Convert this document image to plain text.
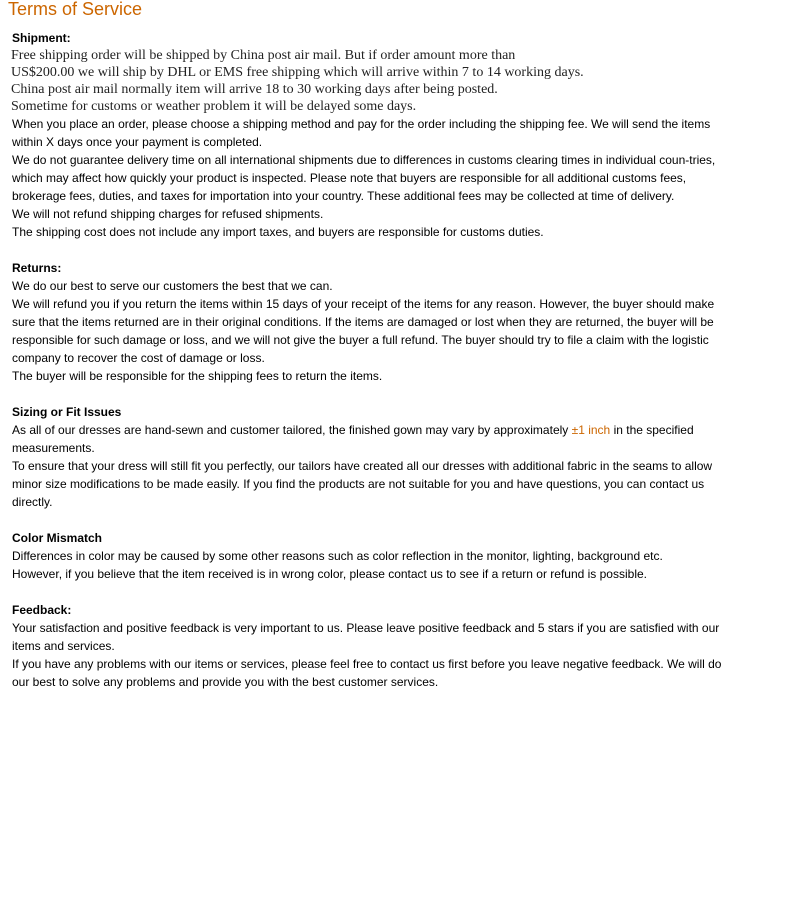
Terms of Service
Shipment:

Free shipping order will be shipped by China post air mail. But if order amount more than

US$200.00 we will ship by DHL or EMS free shipping which will arrive within 7 to 14 working days.

China post air mail normally item will arrive 18 to 30 working days after being posted.

Sometime for customs or weather problem it will be delayed some days.

When you place an order, please choose a shipping method and pay for the order including the shipping fee. We will send the items within X days once your payment is completed.

We do not guarantee delivery time on all international shipments due to differences in customs clearing times in individual coun-tries, which may affect how quickly your product is inspected. Please note that buyers are responsible for all additional customs fees, brokerage fees, duties, and taxes for importation into your country. These additional fees may be collected at time of delivery.

We will not refund shipping charges for refused shipments.

The shipping cost does not include any import taxes, and buyers are responsible for customs duties.

Returns:

We do our best to serve our customers the best that we can.

We will refund you if you return the items within 15 days of your receipt of the items for any reason. However, the buyer should make sure that the items returned are in their original conditions. If the items are damaged or lost when they are returned, the buyer will be responsible for such damage or loss, and we will not give the buyer a full refund. The buyer should try to file a claim with the logistic company to recover the cost of damage or loss.

The buyer will be responsible for the shipping fees to return the items.

Sizing or Fit Issues

As all of our dresses are hand-sewn and customer tailored, the finished gown may vary by approximately ±1 inch in the specified measurements.

To ensure that your dress will still fit you perfectly, our tailors have created all our dresses with additional fabric in the seams to allow minor size modifications to be made easily. If you find the products are not suitable for you and have questions, you can contact us directly.

Color Mismatch

Differences in color may be caused by some other reasons such as color reflection in the monitor, lighting, background etc.

However, if you believe that the item received is in wrong color, please contact us to see if a return or refund is possible.

Feedback:

Your satisfaction and positive feedback is very important to us. Please leave positive feedback and 5 stars if you are satisfied with our items and services.

If you have any problems with our items or services, please feel free to contact us first before you leave negative feedback. We will do our best to solve any problems and provide you with the best customer services.
